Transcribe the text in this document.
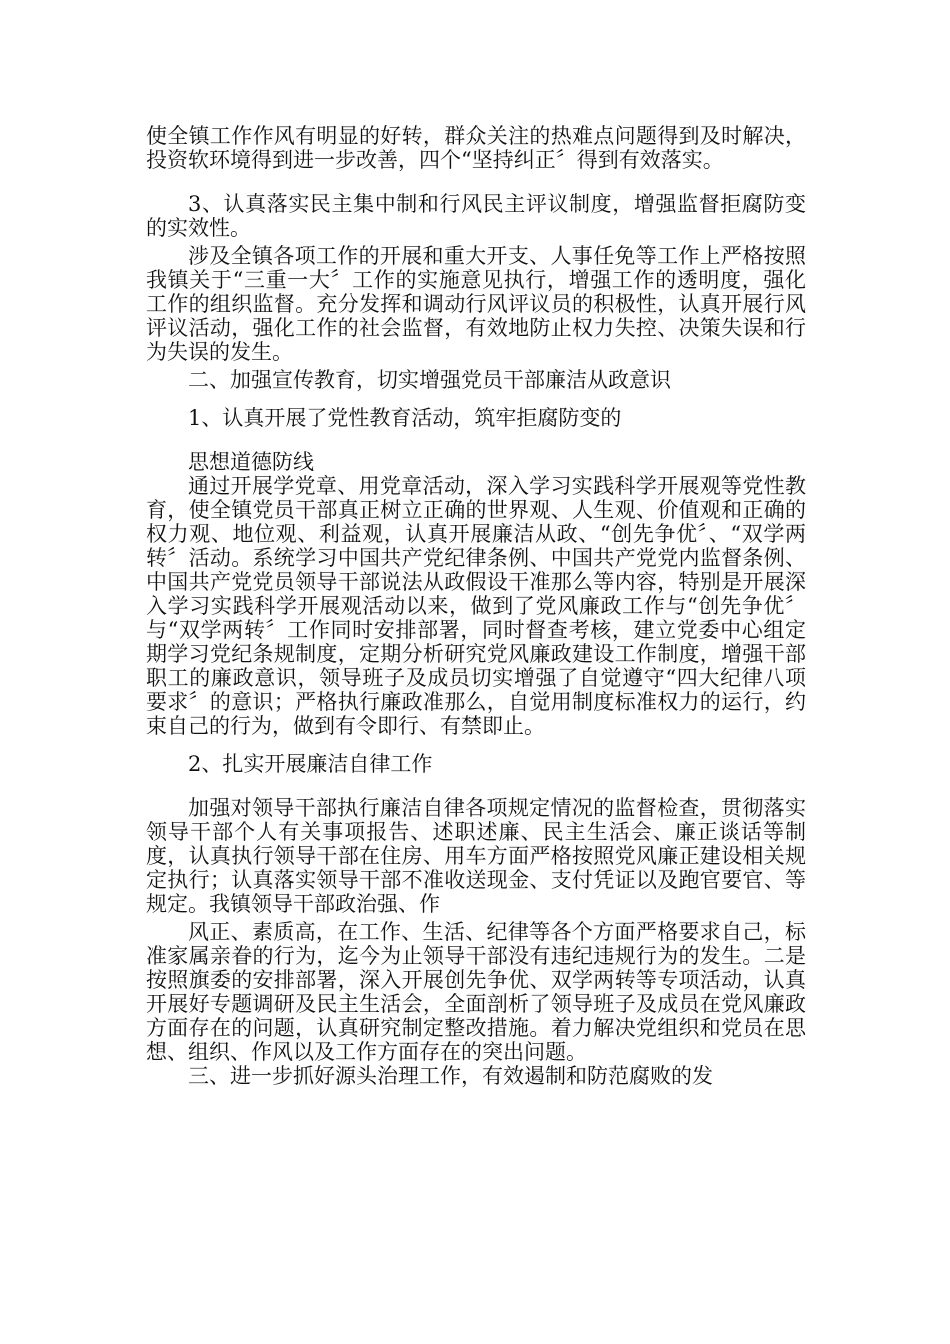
使全镇工作作风有明显的好转，群众关注的热难点问题得到及时解决，投资软环境得到进一步改善，四个“坚持纠正〞得到有效落实。

3、认真落实民主集中制和行风民主评议制度，增强监督拒腐防变的实效性。

涉及全镇各项工作的开展和重大开支、人事任免等工作上严格按照我镇关于“三重一大〞工作的实施意见执行，增强工作的透明度，强化工作的组织监督。充分发挥和调动行风评议员的积极性，认真开展行风评议活动，强化工作的社会监督，有效地防止权力失控、决策失误和行为失误的发生。

二、加强宣传教育，切实增强党员干部廉洁从政意识

1、认真开展了党性教育活动，筑牢拒腐防变的

思想道德防线

通过开展学党章、用党章活动，深入学习实践科学开展观等党性教育，使全镇党员干部真正树立正确的世界观、人生观、价值观和正确的权力观、地位观、利益观，认真开展廉洁从政、“创先争优〞、“双学两转〞活动。系统学习中国共产党纪律条例、中国共产党党内监督条例、中国共产党党员领导干部说法从政假设干准那么等内容，特别是开展深入学习实践科学开展观活动以来，做到了党风廉政工作与“创先争优〞与“双学两转〞工作同时安排部署，同时督查考核，建立党委中心组定期学习党纪条规制度，定期分析研究党风廉政建设工作制度，增强干部职工的廉政意识，领导班子及成员切实增强了自觉遵守“四大纪律八项要求〞的意识；严格执行廉政准那么，自觉用制度标准权力的运行，约束自己的行为，做到有令即行、有禁即止。

2、扎实开展廉洁自律工作

加强对领导干部执行廉洁自律各项规定情况的监督检查，贯彻落实领导干部个人有关事项报告、述职述廉、民主生活会、廉正谈话等制度，认真执行领导干部在住房、用车方面严格按照党风廉正建设相关规定执行；认真落实领导干部不准收送现金、支付凭证以及跑官要官、等规定。我镇领导干部政治强、作

风正、素质高，在工作、生活、纪律等各个方面严格要求自己，标准家属亲眷的行为，迄今为止领导干部没有违纪违规行为的发生。二是按照旗委的安排部署，深入开展创先争优、双学两转等专项活动，认真开展好专题调研及民主生活会，全面剖析了领导班子及成员在党风廉政方面存在的问题，认真研究制定整改措施。着力解决党组织和党员在思想、组织、作风以及工作方面存在的突出问题。

三、进一步抓好源头治理工作，有效遏制和防范腐败的发
